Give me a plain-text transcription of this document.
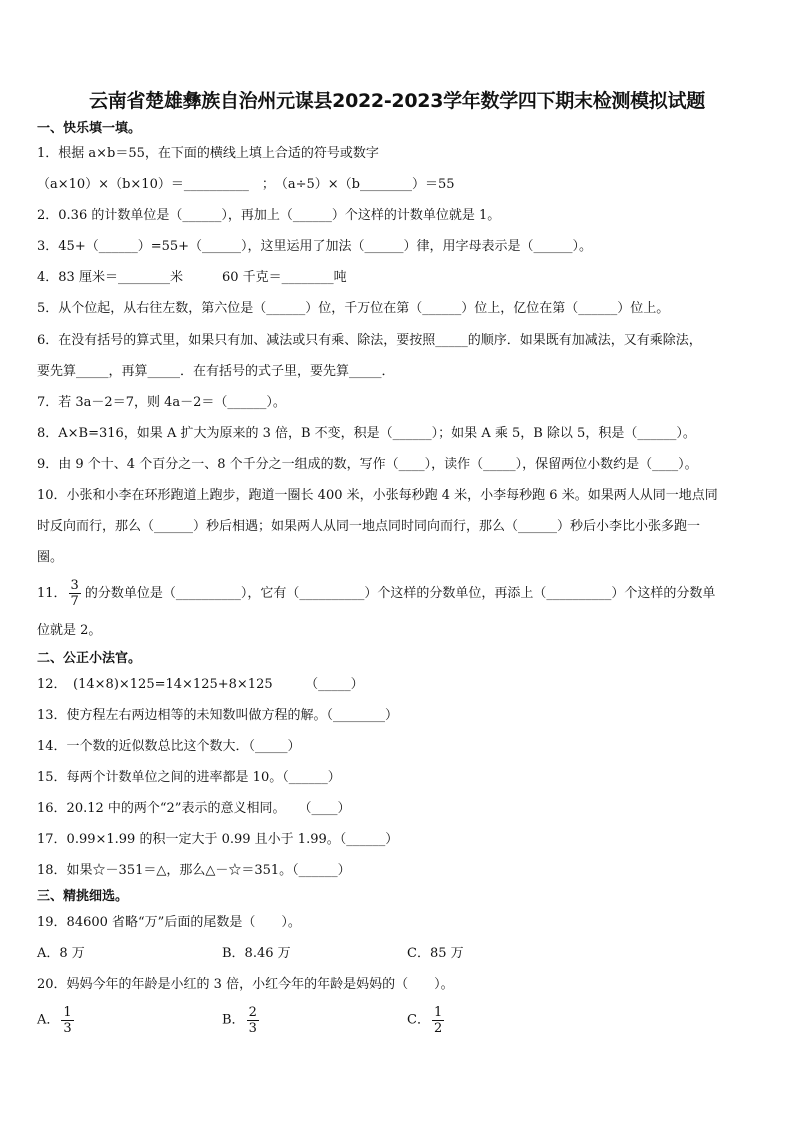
云南省楚雄彝族自治州元谋县2022-2023学年数学四下期末检测模拟试题
一、快乐填一填。
1．根据 a×b＝55，在下面的横线上填上合适的符号或数字
（a×10）×（b×10）＝__________　；　（a÷5）×（b________）＝55
2．0.36 的计数单位是（______），再加上（______）个这样的计数单位就是 1。
3．45+（______）=55+（______），这里运用了加法（______）律，用字母表示是（______）。
4．83 厘米＝________米　　　60 千克＝________吨
5．从个位起，从右往左数，第六位是（______）位，千万位在第（______）位上，亿位在第（______）位上。
6．在没有括号的算式里，如果只有加、减法或只有乘、除法，要按照_____的顺序．如果既有加减法，又有乘除法，
要先算_____，再算_____．在有括号的式子里，要先算_____．
7．若 3a－2＝7，则 4a－2＝（______）。
8．A×B=316，如果 A 扩大为原来的 3 倍，B 不变，积是（______）；如果 A 乘 5，B 除以 5，积是（______）。
9．由 9 个十、4 个百分之一、8 个千分之一组成的数，写作（____），读作（_____），保留两位小数约是（____）。
10．小张和小李在环形跑道上跑步，跑道一圈长 400 米，小张每秒跑 4 米，小李每秒跑 6 米。如果两人从同一地点同
时反向而行，那么（______）秒后相遇；如果两人从同一地点同时同向而行，那么（______）秒后小李比小张多跑一
圈。
11． $\frac{3}{7}$ 的分数单位是（__________），它有（__________）个这样的分数单位，再添上（__________）个这样的分数单
位就是 2。
二、公正小法官。
12．　(14×8)×125=14×125+8×125　　　（_____）
13．使方程左右两边相等的未知数叫做方程的解。（________）
14．一个数的近似数总比这个数大．（_____）
15．每两个计数单位之间的进率都是 10。（______）
16．20.12 中的两个“2”表示的意义相同。　　（____）
17．0.99×1.99 的积一定大于 0.99 且小于 1.99。（______）
18．如果☆－351＝△，那么△－☆＝351。（______）
三、精挑细选。
19．84600 省略“万”后面的尾数是（　　）。
A．8 万	B．8.46 万	C．85 万
20．妈妈今年的年龄是小红的 3 倍，小红今年的年龄是妈妈的（　　）。
A． $\frac{1}{3}$	B． $\frac{2}{3}$	C． $\frac{1}{2}$
